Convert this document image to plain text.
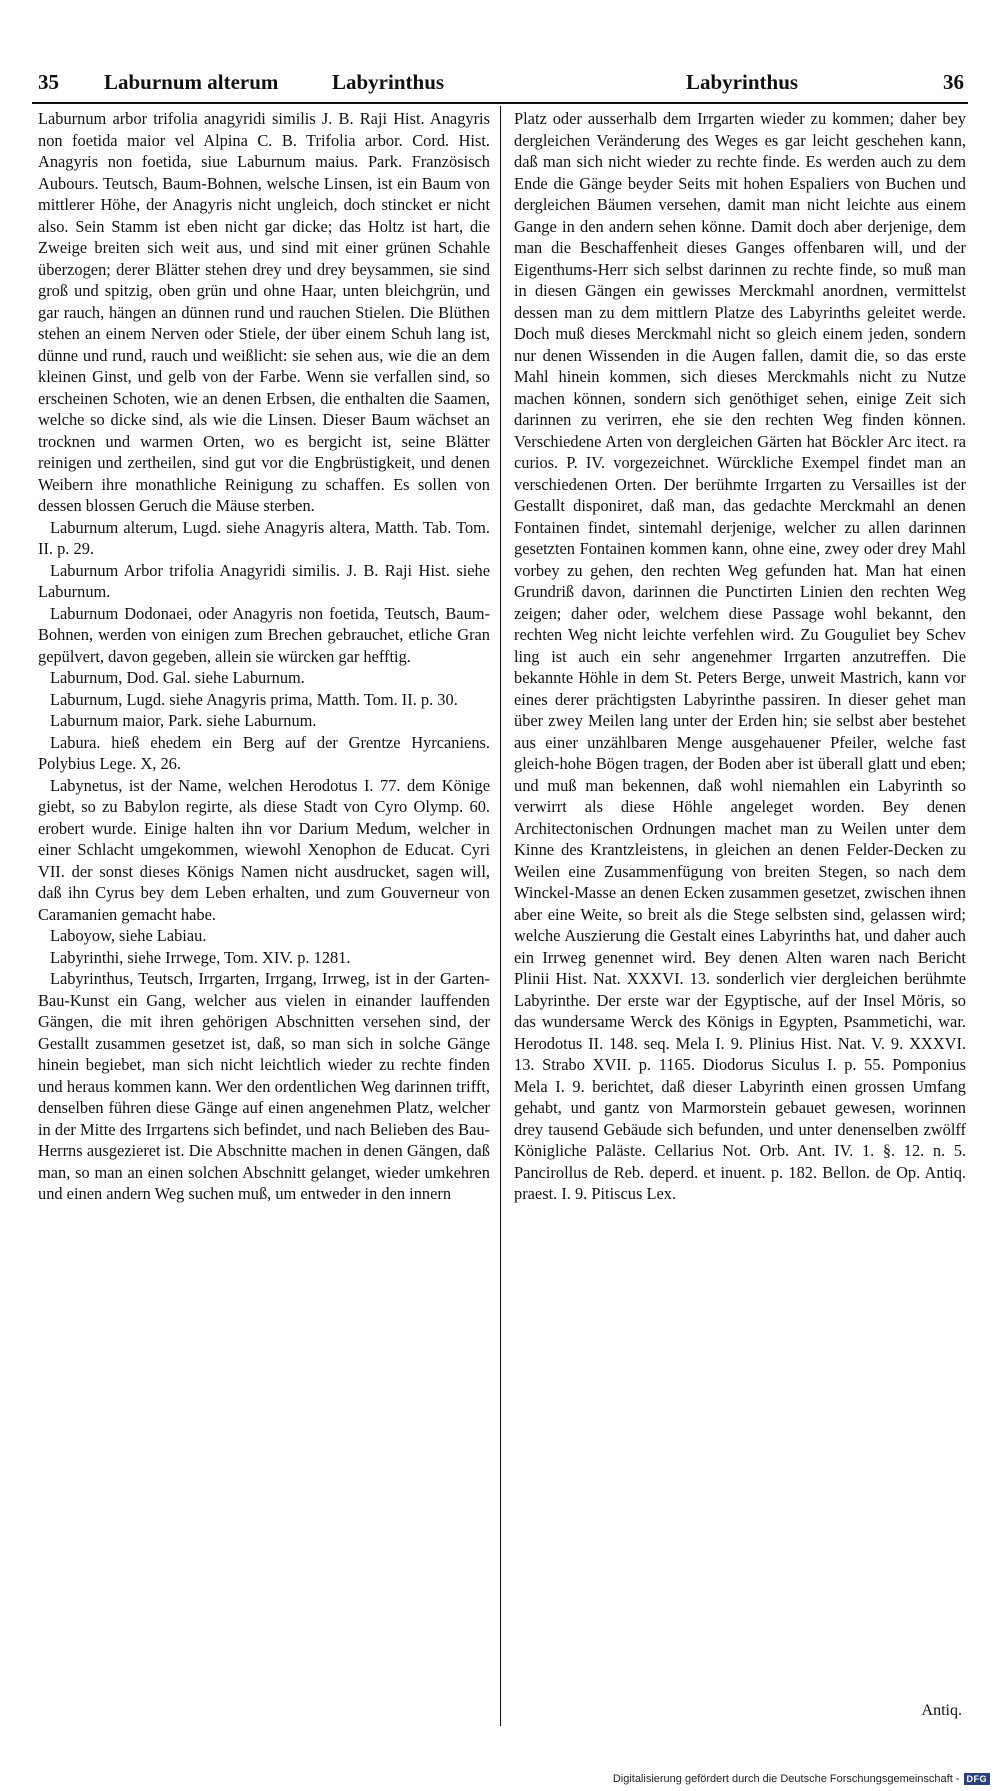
35 Laburnum alterum	Labyrinthus	Labyrinthus	36

Laburnum arbor trifolia anagyridi similis J. B. Raji Hist. Anagyris non foetida maior vel Alpina C. B. Trifolia arbor. Cord. Hist. Anagyris non foetida, siue Laburnum maius. Park. Französisch Aubours. Teutsch, Baum-Bohnen, welsche Linsen, ist ein Baum von mittlerer Höhe, der Anagyris nicht ungleich, doch stincket er nicht also. Sein Stamm ist eben nicht gar dicke; das Holtz ist hart, die Zweige breiten sich weit aus, und sind mit einer grünen Schahle überzogen; derer Blätter stehen drey und drey beysammen, sie sind groß und spitzig, oben grün und ohne Haar, unten bleichgrün, und gar rauch, hängen an dünnen rund und rauchen Stielen. Die Blüthen stehen an einem Nerven oder Stiele, der über einem Schuh lang ist, dünne und rund, rauch und weißlicht: sie sehen aus, wie die an dem kleinen Ginst, und gelb von der Farbe. Wenn sie verfallen sind, so erscheinen Schoten, wie an denen Erbsen, die enthalten die Saamen, welche so dicke sind, als wie die Linsen. Dieser Baum wächset an trocknen und warmen Orten, wo es bergicht ist, seine Blätter reinigen und zertheilen, sind gut vor die Engbrüstigkeit, und denen Weibern ihre monathliche Reinigung zu schaffen. Es sollen von dessen blossen Geruch die Mäuse sterben.

Laburnum alterum, Lugd. siehe Anagyris altera, Matth. Tab. Tom. II. p. 29.

Laburnum Arbor trifolia Anagyridi similis. J. B. Raji Hist. siehe Laburnum.

Laburnum Dodonaei, oder Anagyris non foetida, Teutsch, Baum-Bohnen, werden von einigen zum Brechen gebrauchet, etliche Gran gepülvert, davon gegeben, allein sie würcken gar hefftig.

Laburnum, Dod. Gal. siehe Laburnum.

Laburnum, Lugd. siehe Anagyris prima, Matth. Tom. II. p. 30.

Laburnum maior, Park. siehe Laburnum.

Labura. hieß ehedem ein Berg auf der Grentze Hyrcaniens. Polybius Lege. X, 26.

Labynetus, ist der Name, welchen Herodotus I. 77. dem Könige giebt, so zu Babylon regirte, als diese Stadt von Cyro Olymp. 60. erobert wurde. Einige halten ihn vor Darium Medum, welcher in einer Schlacht umgekommen, wiewohl Xenophon de Educat. Cyri VII. der sonst dieses Königs Namen nicht ausdrucket, sagen will, daß ihn Cyrus bey dem Leben erhalten, und zum Gouverneur von Caramanien gemacht habe.

Laboyow, siehe Labiau.

Labyrinthi, siehe Irrwege, Tom. XIV. p. 1281.

Labyrinthus, Teutsch, Irrgarten, Irrgang, Irrweg, ist in der Garten-Bau-Kunst ein Gang, welcher aus vielen in einander lauffenden Gängen, die mit ihren gehörigen Abschnitten versehen sind, der Gestallt zusammen gesetzet ist, daß, so man sich in solche Gänge hinein begiebet, man sich nicht leichtlich wieder zu rechte finden und heraus kommen kann. Wer den ordentlichen Weg darinnen trifft, denselben führen diese Gänge auf einen angenehmen Platz, welcher in der Mitte des Irrgartens sich befindet, und nach Belieben des Bau-Herrns ausgezieret ist. Die Abschnitte machen in denen Gängen, daß man, so man an einen solchen Abschnitt gelanget, wieder umkehren und einen andern Weg suchen muß, um entweder in den innern

Platz oder ausserhalb dem Irrgarten wieder zu kommen; daher bey dergleichen Veränderung des Weges es gar leicht geschehen kann, daß man sich nicht wieder zu rechte finde. Es werden auch zu dem Ende die Gänge beyder Seits mit hohen Espaliers von Buchen und dergleichen Bäumen versehen, damit man nicht leichte aus einem Gange in den andern sehen könne. Damit doch aber derjenige, dem man die Beschaffenheit dieses Ganges offenbaren will, und der Eigenthums-Herr sich selbst darinnen zu rechte finde, so muß man in diesen Gängen ein gewisses Merckmahl anordnen, vermittelst dessen man zu dem mittlern Platze des Labyrinths geleitet werde. Doch muß dieses Merckmahl nicht so gleich einem jeden, sondern nur denen Wissenden in die Augen fallen, damit die, so das erste Mahl hinein kommen, sich dieses Merckmahls nicht zu Nutze machen können, sondern sich genöthiget sehen, einige Zeit sich darinnen zu verirren, ehe sie den rechten Weg finden können. Verschiedene Arten von dergleichen Gärten hat Böckler Arc itect. ra curios. P. IV. vorgezeichnet. Würckliche Exempel findet man an verschiedenen Orten. Der berühmte Irrgarten zu Versailles ist der Gestallt disponiret, daß man, das gedachte Merckmahl an denen Fontainen findet, sintemahl derjenige, welcher zu allen darinnen gesetzten Fontainen kommen kann, ohne eine, zwey oder drey Mahl vorbey zu gehen, den rechten Weg gefunden hat. Man hat einen Grundriß davon, darinnen die Punctirten Linien den rechten Weg zeigen; daher oder, welchem diese Passage wohl bekannt, den rechten Weg nicht leichte verfehlen wird. Zu Gouguliet bey Schev ling ist auch ein sehr angenehmer Irrgarten anzutreffen. Die bekannte Höhle in dem St. Peters Berge, unweit Mastrich, kann vor eines derer prächtigsten Labyrinthe passiren. In dieser gehet man über zwey Meilen lang unter der Erden hin; sie selbst aber bestehet aus einer unzählbaren Menge ausgehauener Pfeiler, welche fast gleich-hohe Bögen tragen, der Boden aber ist überall glatt und eben; und muß man bekennen, daß wohl niemahlen ein Labyrinth so verwirrt als diese Höhle angeleget worden. Bey denen Architectonischen Ordnungen machet man zu Weilen unter dem Kinne des Krantzleistens, in gleichen an denen Felder-Decken zu Weilen eine Zusammenfügung von breiten Stegen, so nach dem Winckel-Masse an denen Ecken zusammen gesetzet, zwischen ihnen aber eine Weite, so breit als die Stege selbsten sind, gelassen wird; welche Auszierung die Gestalt eines Labyrinths hat, und daher auch ein Irrweg genennet wird. Bey denen Alten waren nach Bericht Plinii Hist. Nat. XXXVI. 13. sonderlich vier dergleichen berühmte Labyrinthe. Der erste war der Egyptische, auf der Insel Möris, so das wundersame Werck des Königs in Egypten, Psammetichi, war. Herodotus II. 148. seq. Mela I. 9. Plinius Hist. Nat. V. 9. XXXVI. 13. Strabo XVII. p. 1165. Diodorus Siculus I. p. 55. Pomponius Mela I. 9. berichtet, daß dieser Labyrinth einen grossen Umfang gehabt, und gantz von Marmorstein gebauet gewesen, worinnen drey tausend Gebäude sich befunden, und unter denenselben zwölff Königliche Paläste. Cellarius Not. Orb. Ant. IV. 1. §. 12. n. 5. Pancirollus de Reb. deperd. et inuent. p. 182. Bellon. de Op. Antiq. praest. I. 9. Pitiscus Lex.

Antiq.
Digitalisierung gefördert durch die Deutsche Forschungsgemeinschaft - DFG
